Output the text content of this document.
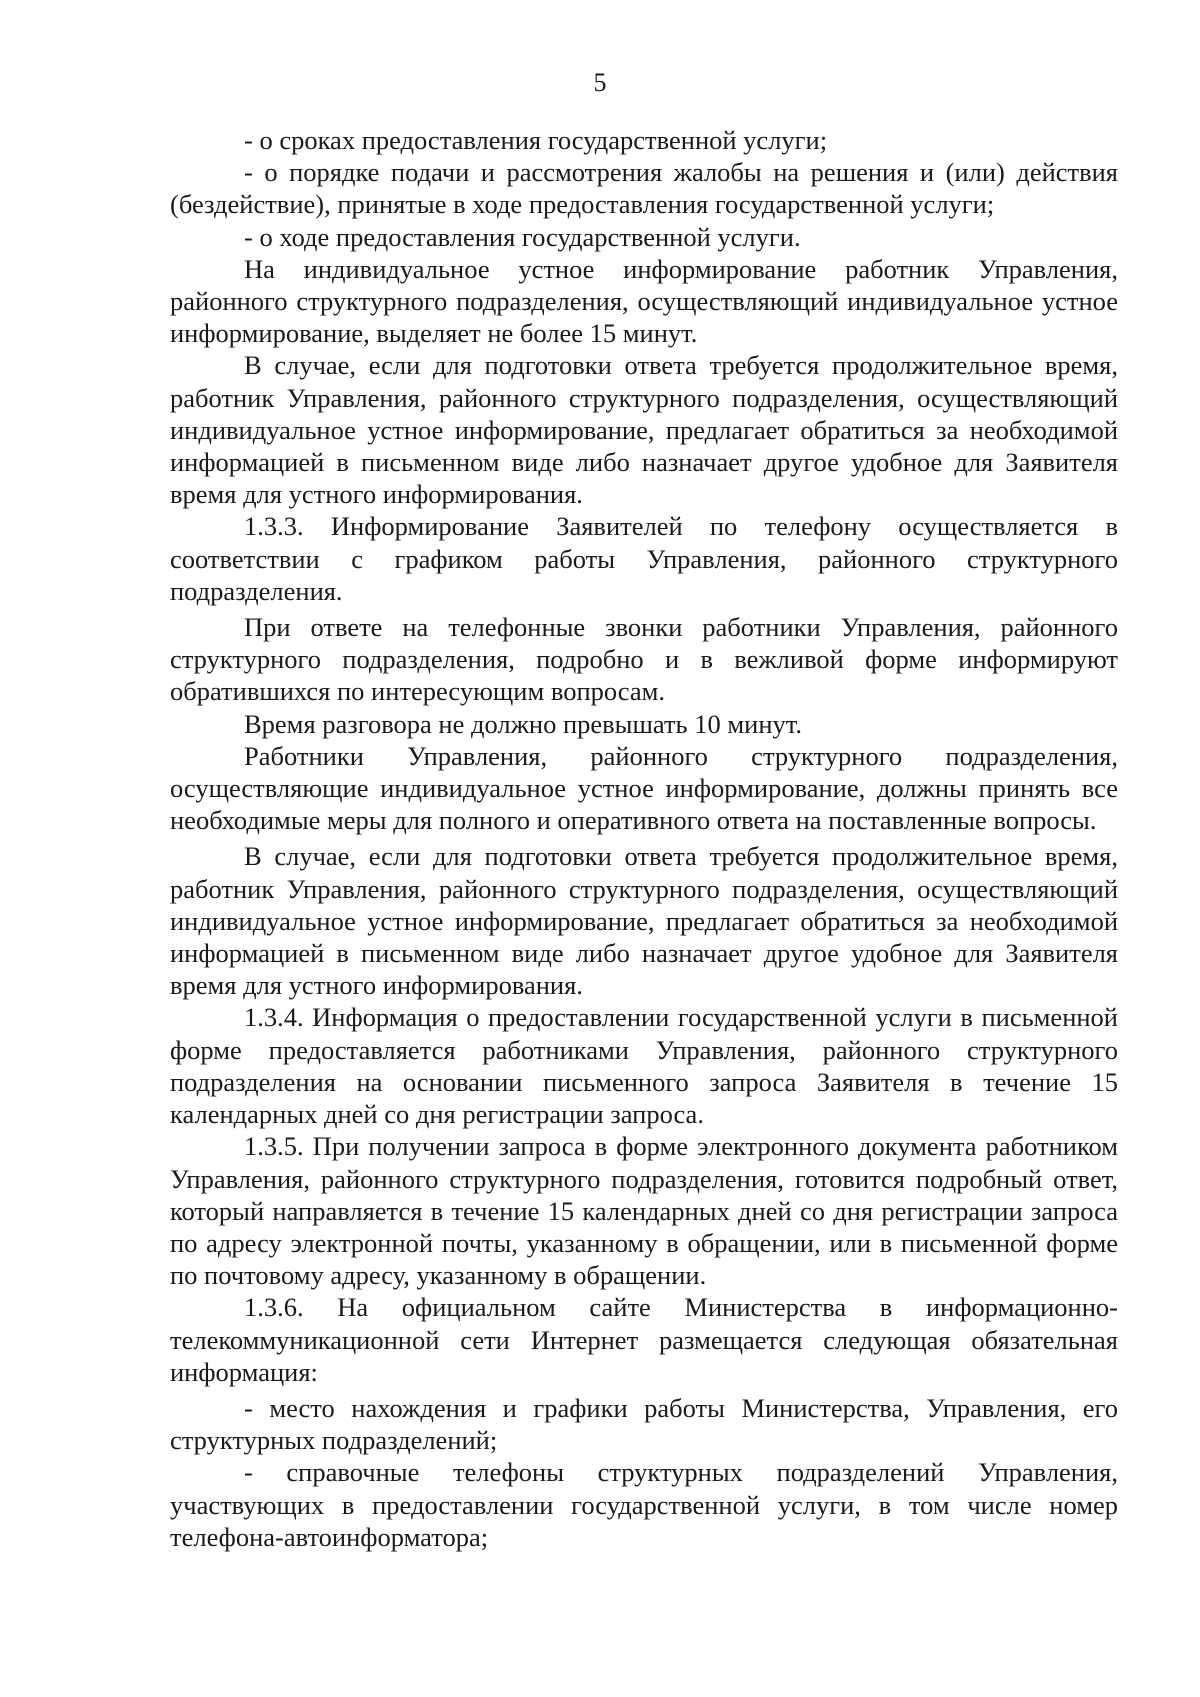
5

- о сроках предоставления государственной услуги;

- о порядке подачи и рассмотрения жалобы на решения и (или) действия (бездействие), принятые в ходе предоставления государственной услуги;

- о ходе предоставления государственной услуги.

На индивидуальное устное информирование работник Управления, районного структурного подразделения, осуществляющий индивидуальное устное информирование, выделяет не более 15 минут.

В случае, если для подготовки ответа требуется продолжительное время, работник Управления, районного структурного подразделения, осуществляющий индивидуальное устное информирование, предлагает обратиться за необходимой информацией в письменном виде либо назначает другое удобное для Заявителя время для устного информирования.

1.3.3. Информирование Заявителей по телефону осуществляется в соответствии с графиком работы Управления, районного структурного подразделения.

При ответе на телефонные звонки работники Управления, районного структурного подразделения, подробно и в вежливой форме информируют обратившихся по интересующим вопросам.

Время разговора не должно превышать 10 минут.

Работники Управления, районного структурного подразделения, осуществляющие индивидуальное устное информирование, должны принять все необходимые меры для полного и оперативного ответа на поставленные вопросы.

В случае, если для подготовки ответа требуется продолжительное время, работник Управления, районного структурного подразделения, осуществляющий индивидуальное устное информирование, предлагает обратиться за необходимой информацией в письменном виде либо назначает другое удобное для Заявителя время для устного информирования.

1.3.4. Информация о предоставлении государственной услуги в письменной форме предоставляется работниками Управления, районного структурного подразделения на основании письменного запроса Заявителя в течение 15 календарных дней со дня регистрации запроса.

1.3.5. При получении запроса в форме электронного документа работником Управления, районного структурного подразделения, готовится подробный ответ, который направляется в течение 15 календарных дней со дня регистрации запроса по адресу электронной почты, указанному в обращении, или в письменной форме по почтовому адресу, указанному в обращении.

1.3.6. На официальном сайте Министерства в информационно-телекоммуникационной сети Интернет размещается следующая обязательная информация:

- место нахождения и графики работы Министерства, Управления, его структурных подразделений;

- справочные телефоны структурных подразделений Управления, участвующих в предоставлении государственной услуги, в том числе номер телефона-автоинформатора;
